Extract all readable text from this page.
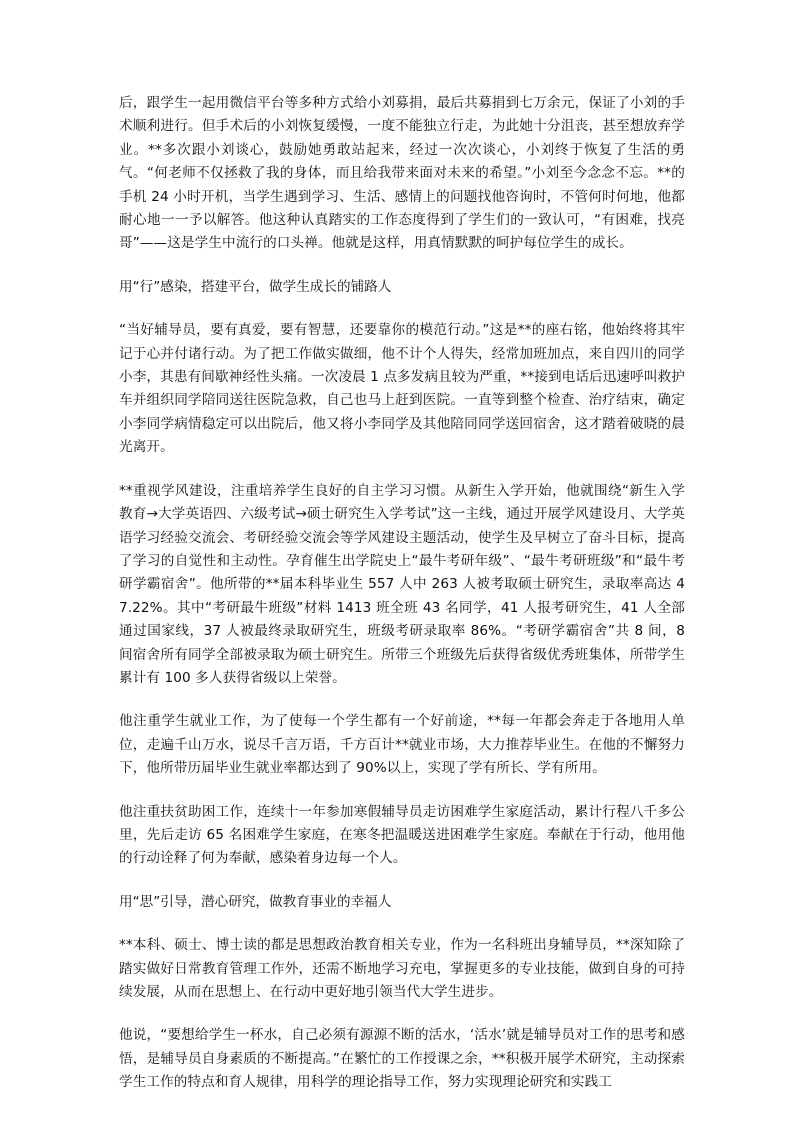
后，跟学生一起用微信平台等多种方式给小刘募捐，最后共募捐到七万余元，保证了小刘的手术顺利进行。但手术后的小刘恢复缓慢，一度不能独立行走，为此她十分沮丧，甚至想放弃学业。**多次跟小刘谈心，鼓励她勇敢站起来，经过一次次谈心，小刘终于恢复了生活的勇气。“何老师不仅拯救了我的身体，而且给我带来面对未来的希望。”小刘至今念念不忘。**的手机 24 小时开机，当学生遇到学习、生活、感情上的问题找他咨询时，不管何时何地，他都耐心地一一予以解答。他这种认真踏实的工作态度得到了学生们的一致认可，“有困难，找亮哥”——这是学生中流行的口头禅。他就是这样，用真情默默的呵护每位学生的成长。

用“行”感染，搭建平台，做学生成长的铺路人

“当好辅导员，要有真爱，要有智慧，还要靠你的模范行动。”这是**的座右铭，他始终将其牢记于心并付诸行动。为了把工作做实做细，他不计个人得失，经常加班加点，来自四川的同学小李，其患有间歇神经性头痛。一次凌晨 1 点多发病且较为严重，**接到电话后迅速呼叫救护车并组织同学陪同送往医院急救，自己也马上赶到医院。一直等到整个检查、治疗结束，确定小李同学病情稳定可以出院后，他又将小李同学及其他陪同同学送回宿舍，这才踏着破晓的晨光离开。

**重视学风建设，注重培养学生良好的自主学习习惯。从新生入学开始，他就围绕“新生入学教育→大学英语四、六级考试→硕士研究生入学考试”这一主线，通过开展学风建设月、大学英语学习经验交流会、考研经验交流会等学风建设主题活动，使学生及早树立了奋斗目标，提高了学习的自觉性和主动性。孕育催生出学院史上“最牛考研年级”、“最牛考研班级”和“最牛考研学霸宿舍”。他所带的**届本科毕业生 557 人中 263 人被考取硕士研究生，录取率高达 47.22%。其中“考研最牛班级”材料 1413 班全班 43 名同学，41 人报考研究生，41 人全部通过国家线，37 人被最终录取研究生，班级考研录取率 86%。“考研学霸宿舍”共 8 间，8 间宿舍所有同学全部被录取为硕士研究生。所带三个班级先后获得省级优秀班集体，所带学生累计有 100 多人获得省级以上荣誉。

他注重学生就业工作，为了使每一个学生都有一个好前途，**每一年都会奔走于各地用人单位，走遍千山万水，说尽千言万语，千方百计**就业市场，大力推荐毕业生。在他的不懈努力下，他所带历届毕业生就业率都达到了 90%以上，实现了学有所长、学有所用。

他注重扶贫助困工作，连续十一年参加寒假辅导员走访困难学生家庭活动，累计行程八千多公里，先后走访 65 名困难学生家庭，在寒冬把温暖送进困难学生家庭。奉献在于行动，他用他的行动诠释了何为奉献，感染着身边每一个人。

用“思”引导，潜心研究，做教育事业的幸福人

**本科、硕士、博士读的都是思想政治教育相关专业，作为一名科班出身辅导员，**深知除了踏实做好日常教育管理工作外，还需不断地学习充电，掌握更多的专业技能，做到自身的可持续发展，从而在思想上、在行动中更好地引领当代大学生进步。

他说，“要想给学生一杯水，自己必须有源源不断的活水，‘活水’就是辅导员对工作的思考和感悟，是辅导员自身素质的不断提高。”在繁忙的工作授课之余，**积极开展学术研究，主动探索学生工作的特点和育人规律，用科学的理论指导工作，努力实现理论研究和实践工
